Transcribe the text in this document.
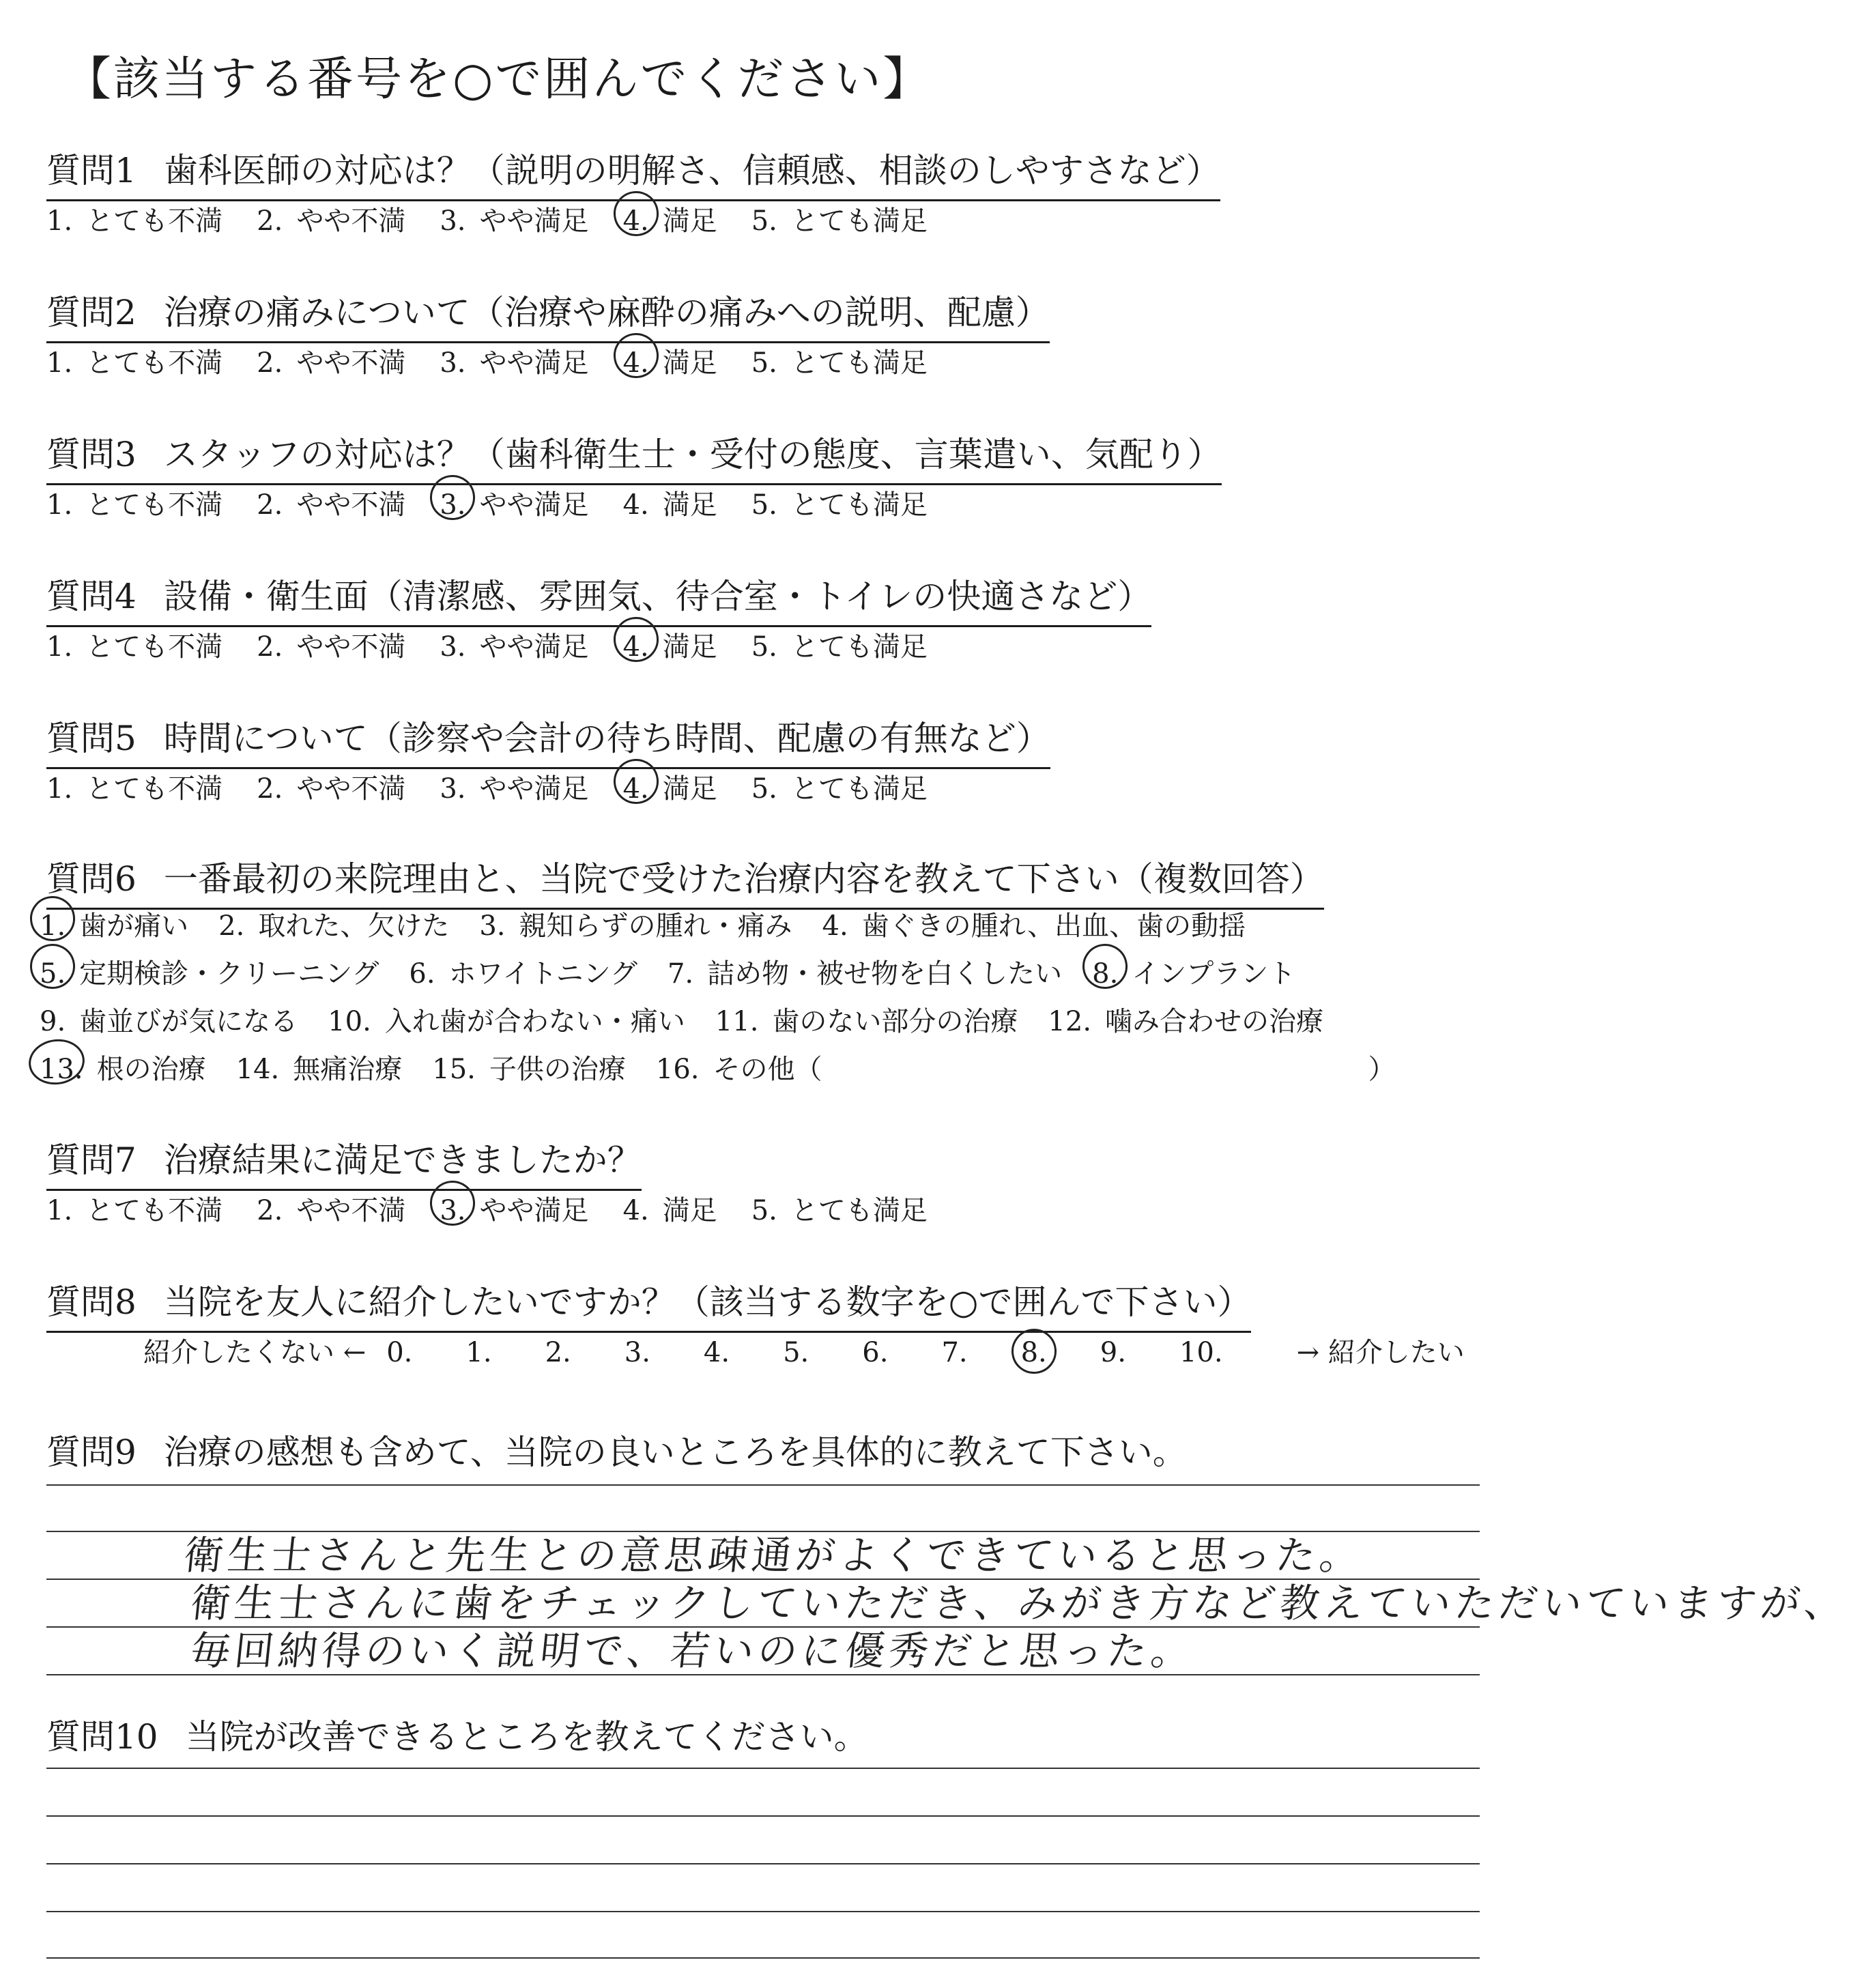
【該当する番号を○で囲んでください】
質問1 歯科医師の対応は？（説明の明解さ、信頼感、相談のしやすさなど）
1. とても不満 2. やや不満 3. やや満足 4. 満足 5. とても満足
質問2 治療の痛みについて（治療や麻酔の痛みへの説明、配慮）
1. とても不満 2. やや不満 3. やや満足 4. 満足 5. とても満足
質問3 スタッフの対応は？（歯科衛生士・受付の態度、言葉遣い、気配り）
1. とても不満 2. やや不満 3. やや満足 4. 満足 5. とても満足
質問4 設備・衛生面（清潔感、雰囲気、待合室・トイレの快適さなど）
1. とても不満 2. やや不満 3. やや満足 4. 満足 5. とても満足
質問5 時間について（診察や会計の待ち時間、配慮の有無など）
1. とても不満 2. やや不満 3. やや満足 4. 満足 5. とても満足
質問6 一番最初の来院理由と、当院で受けた治療内容を教えて下さい（複数回答）
1. 歯が痛い 2. 取れた、欠けた 3. 親知らずの腫れ・痛み 4. 歯ぐきの腫れ、出血、歯の動揺
5. 定期検診・クリーニング 6. ホワイトニング 7. 詰め物・被せ物を白くしたい 8. インプラント
9. 歯並びが気になる 10. 入れ歯が合わない・痛い 11. 歯のない部分の治療 12. 噛み合わせの治療
13. 根の治療 14. 無痛治療 15. 子供の治療 16. その他（　　　　　　　　　　　　　　　　　　　　）
質問7 治療結果に満足できましたか？
1. とても不満 2. やや不満 3. やや満足 4. 満足 5. とても満足
質問8 当院を友人に紹介したいですか？（該当する数字を○で囲んで下さい）
紹介したくない ← 0. 1. 2. 3. 4. 5. 6. 7. 8. 9. 10.	→ 紹介したい
質問9 治療の感想も含めて、当院の良いところを具体的に教えて下さい。
衛生士さんと先生との意思疎通がよくできていると思った。
衛生士さんに歯をチェックしていただき、みがき方など教えていただいていますが、
毎回納得のいく説明で、若いのに優秀だと思った。
質問10 当院が改善できるところを教えてください。
